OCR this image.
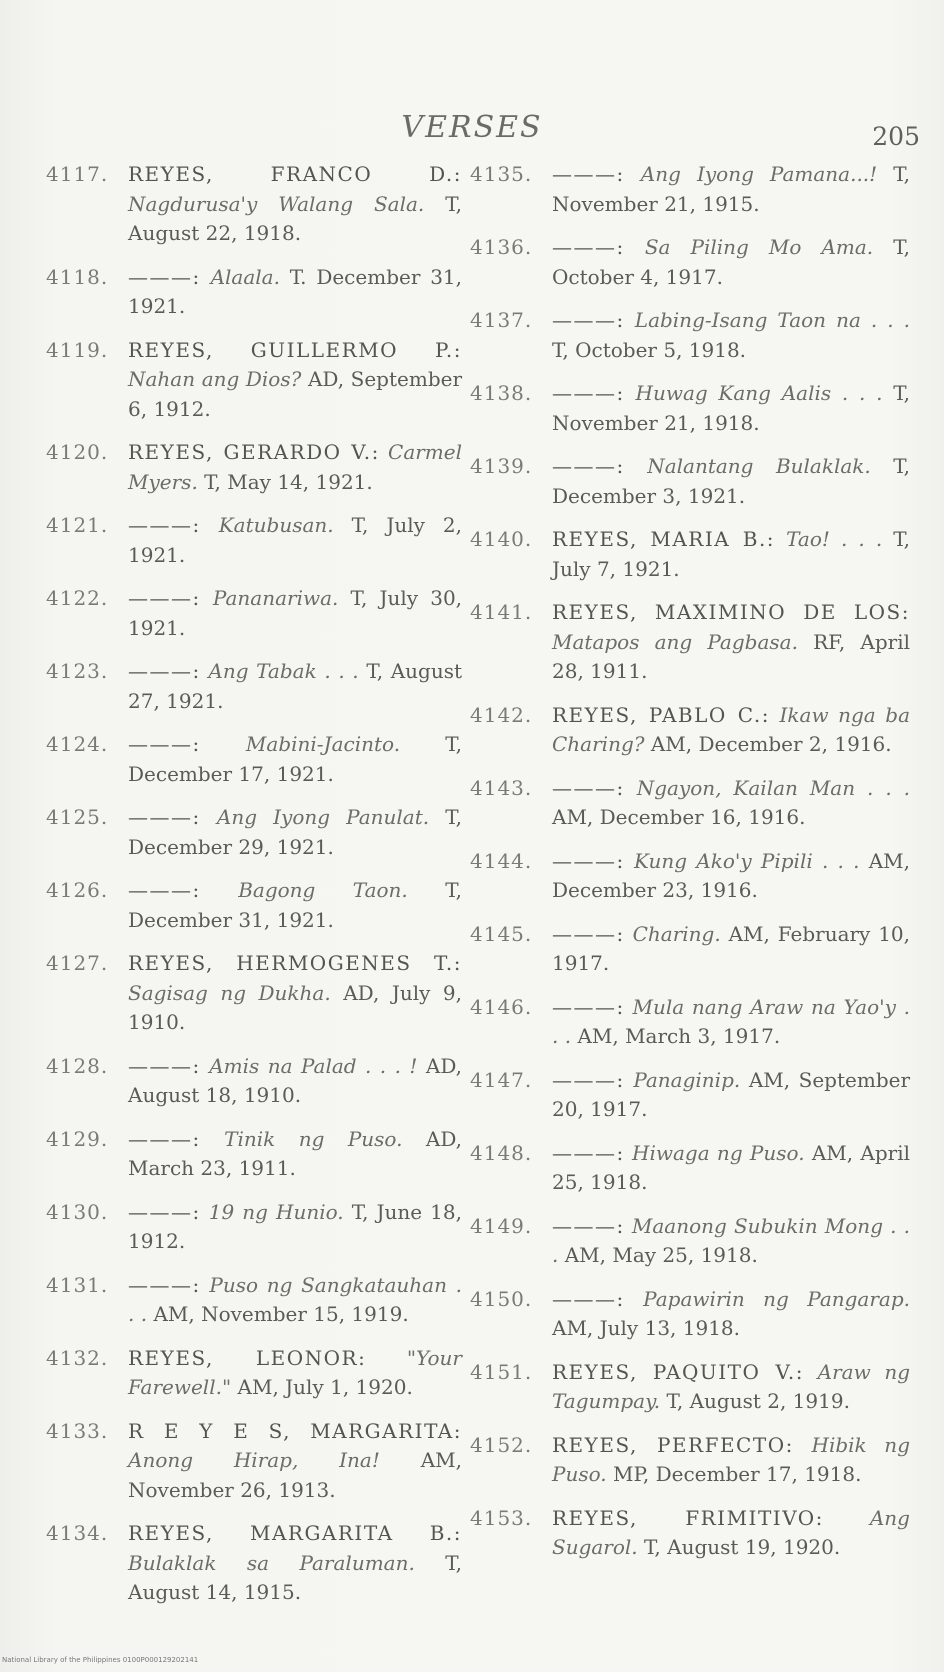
VERSES	205
4117. REYES, FRANCO D.: Nagdurusa'y Walang Sala. T, August 22, 1918.
4118. ———: Alaala. T. December 31, 1921.
4119. REYES, GUILLERMO P.: Nahan ang Dios? AD, September 6, 1912.
4120. REYES, GERARDO V.: Carmel Myers. T, May 14, 1921.
4121. ———: Katubusan. T, July 2, 1921.
4122. ———: Pananariwa. T, July 30, 1921.
4123. ———: Ang Tabak . . . T, August 27, 1921.
4124. ———: Mabini-Jacinto. T, December 17, 1921.
4125. ———: Ang Iyong Panulat. T, December 29, 1921.
4126. ———: Bagong Taon. T, December 31, 1921.
4127. REYES, HERMOGENES T.: Sagisag ng Dukha. AD, July 9, 1910.
4128. ———: Amis na Palad . . . ! AD, August 18, 1910.
4129. ———: Tinik ng Puso. AD, March 23, 1911.
4130. ———: 19 ng Hunio. T, June 18, 1912.
4131. ———: Puso ng Sangkatauhan . . . AM, November 15, 1919.
4132. REYES, LEONOR: "Your Farewell." AM, July 1, 1920.
4133. R E Y E S, MARGARITA: Anong Hirap, Ina! AM, November 26, 1913.
4134. REYES, MARGARITA B.: Bulaklak sa Paraluman. T, August 14, 1915.
4135. ———: Ang Iyong Pamana...! T, November 21, 1915.
4136. ———: Sa Piling Mo Ama. T, October 4, 1917.
4137. ———: Labing-Isang Taon na . . . T, October 5, 1918.
4138. ———: Huwag Kang Aalis . . . T, November 21, 1918.
4139. ———: Nalantang Bulaklak. T, December 3, 1921.
4140. REYES, MARIA B.: Tao! . . . T, July 7, 1921.
4141. REYES, MAXIMINO DE LOS: Matapos ang Pagbasa. RF, April 28, 1911.
4142. REYES, PABLO C.: Ikaw nga ba Charing? AM, December 2, 1916.
4143. ———: Ngayon, Kailan Man . . . AM, December 16, 1916.
4144. ———: Kung Ako'y Pipili . . . AM, December 23, 1916.
4145. ———: Charing. AM, February 10, 1917.
4146. ———: Mula nang Araw na Yao'y . . . AM, March 3, 1917.
4147. ———: Panaginip. AM, September 20, 1917.
4148. ———: Hiwaga ng Puso. AM, April 25, 1918.
4149. ———: Maanong Subukin Mong . . . AM, May 25, 1918.
4150. ———: Papawirin ng Pangarap. AM, July 13, 1918.
4151. REYES, PAQUITO V.: Araw ng Tagumpay. T, August 2, 1919.
4152. REYES, PERFECTO: Hibik ng Puso. MP, December 17, 1918.
4153. REYES, FRIMITIVO: Ang Sugarol. T, August 19, 1920.
National Library of the Philippines 0100P000129202141
